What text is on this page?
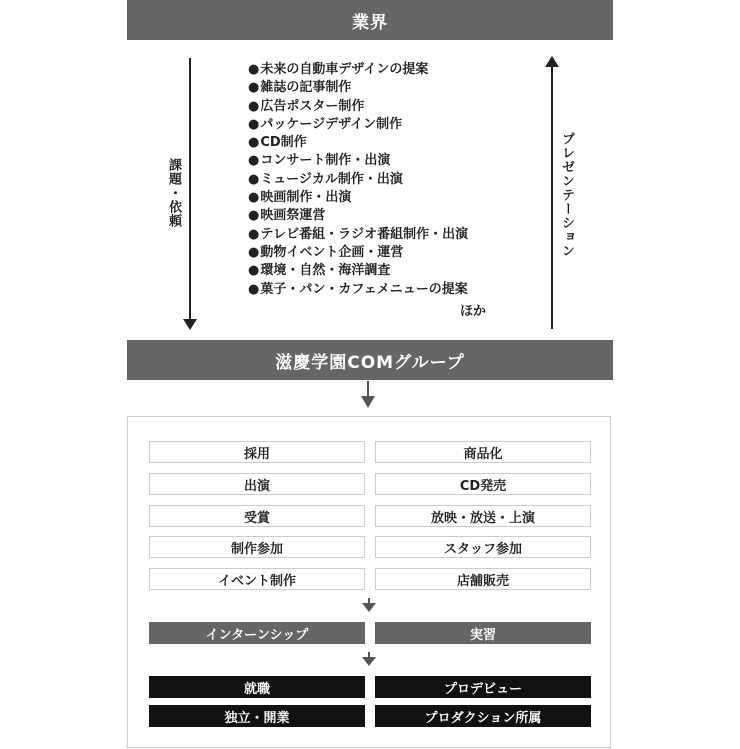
業界
課題・依頼	プレゼンテーション
● 未来の自動車デザインの提案
● 雑誌の記事制作
● 広告ポスター制作
● パッケージデザイン制作
● CD制作
● コンサート制作・出演
● ミュージカル制作・出演
● 映画制作・出演
● 映画祭運営
● テレビ番組・ラジオ番組制作・出演
● 動物イベント企画・運営
● 環境・自然・海洋調査
● 菓子・パン・カフェメニューの提案
ほか
滋慶学園COMグループ
採用	商品化
出演	CD発売
受賞	放映・放送・上演
制作参加	スタッフ参加
イベント制作	店舗販売
インターンシップ	実習
就職	プロデビュー
独立・開業	プロダクション所属
